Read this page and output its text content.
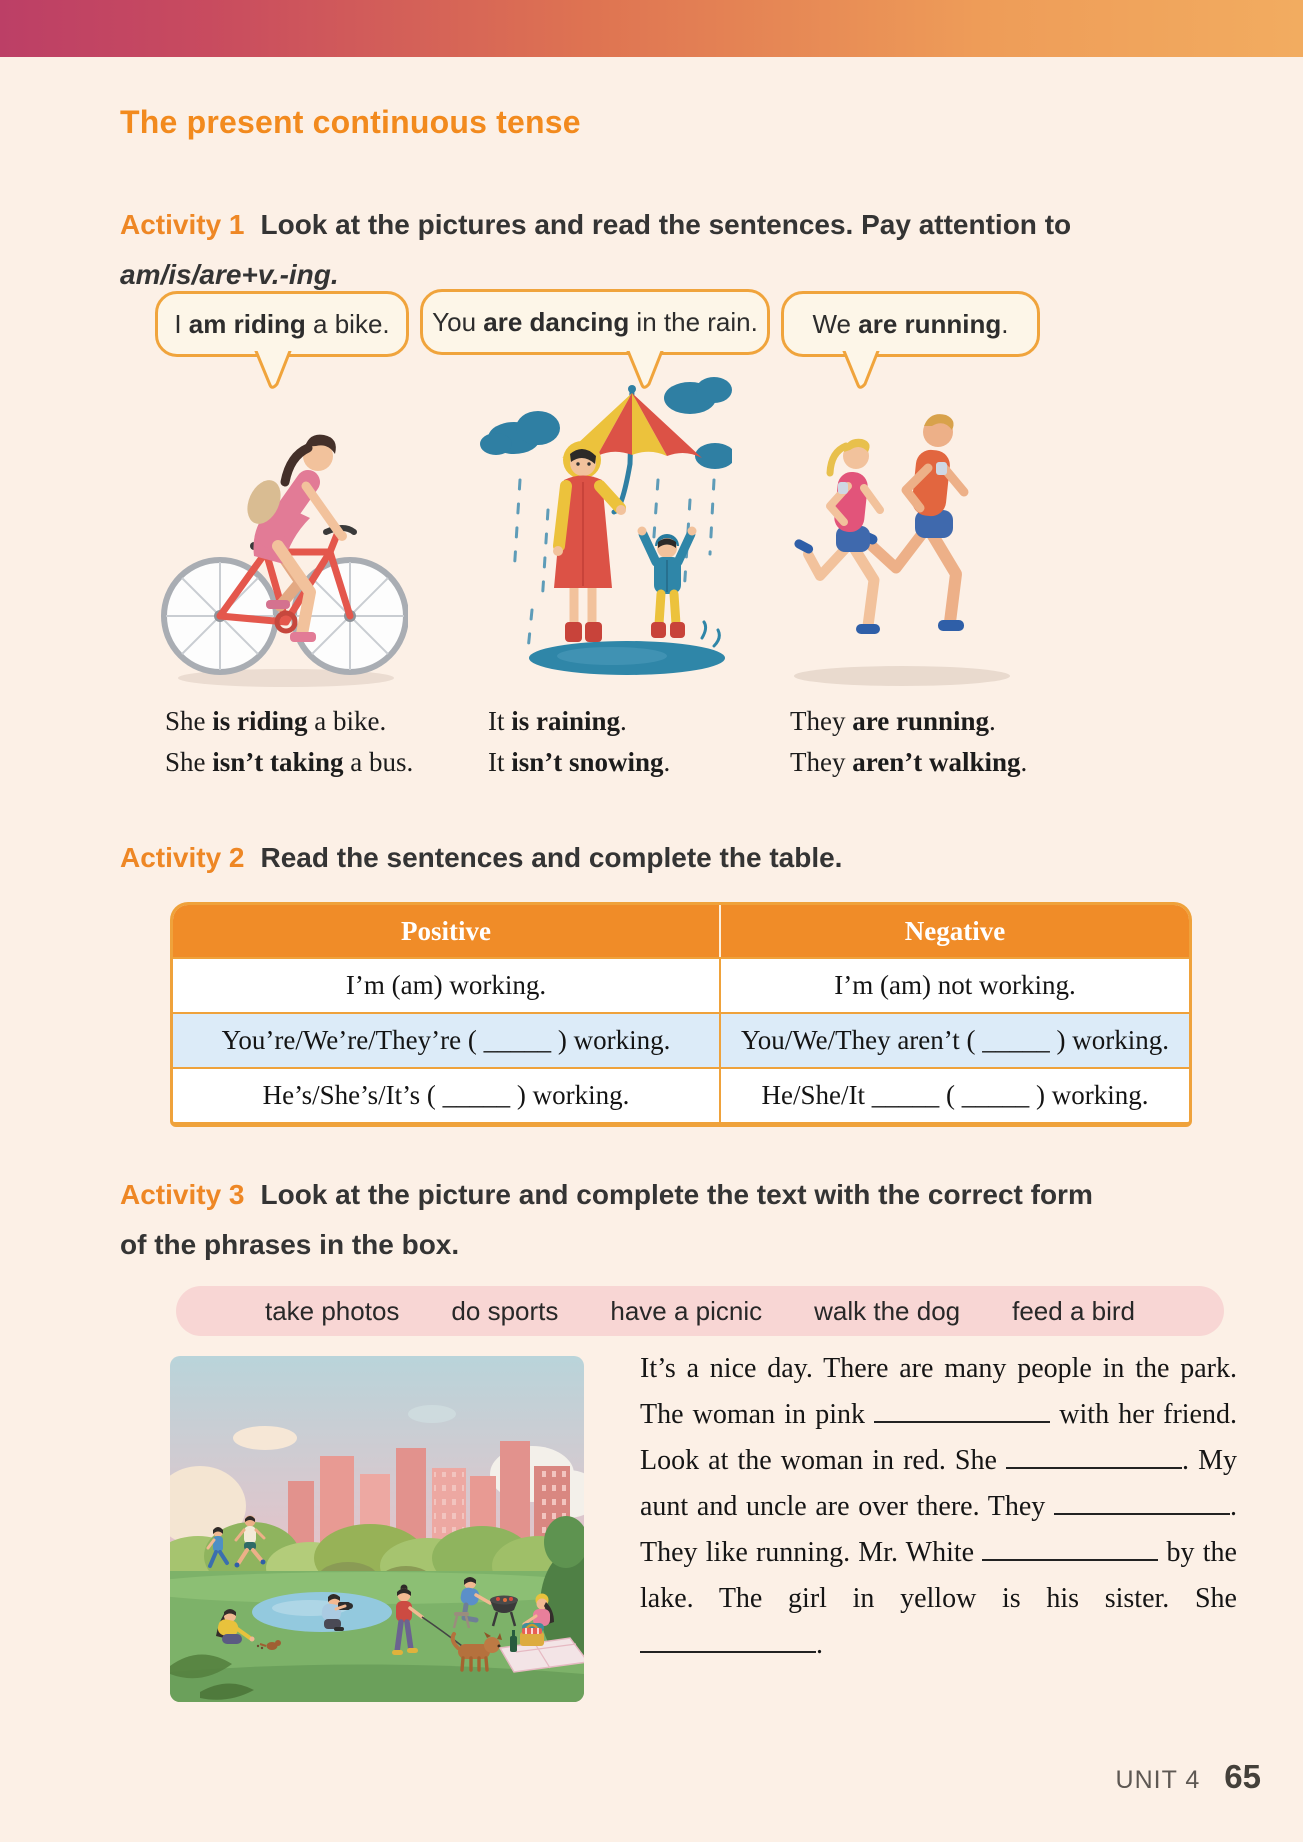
The present continuous tense
Activity 1 Look at the pictures and read the sentences. Pay attention to
am/is/are+v.-ing.
I am riding a bike. You are dancing in the rain. We are running.
She is riding a bike.
She isn’t taking a bus.
It is raining.
It isn’t snowing.
They are running.
They aren’t walking.
Activity 2 Read the sentences and complete the table.
Positive	Negative
I’m (am) working.	I’m (am) not working.
You’re/We’re/They’re ( _____ ) working.	You/We/They aren’t ( _____ ) working.
He’s/She’s/It’s ( _____ ) working.	He/She/It _____ ( _____ ) working.
Activity 3 Look at the picture and complete the text with the correct form
of the phrases in the box.
take photos do sports have a picnic walk the dog feed a bird

It’s a nice day. There are many people in the park. The woman in pink	with her friend. Look at the woman in red. She	. My aunt and uncle are over there. They	. They like running. Mr. White	by the lake. The girl in yellow is his sister. She .

UNIT 4 65
